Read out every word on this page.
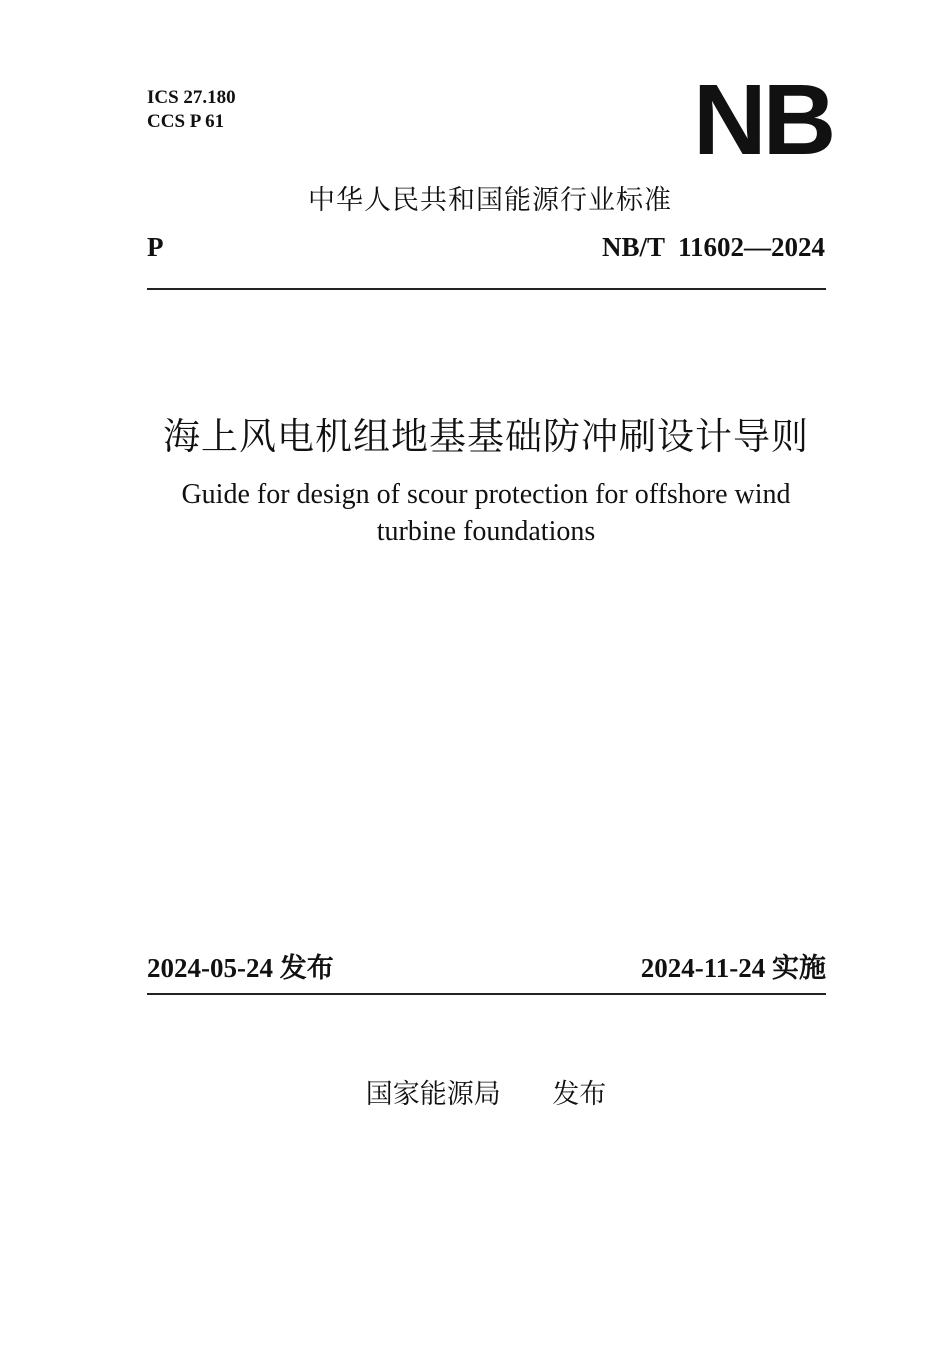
ICS 27.180
CCS P 61	NB
中华人民共和国能源行业标准
P	NB/T  11602—2024
海上风电机组地基基础防冲刷设计导则
Guide for design of scour protection for offshore wind turbine foundations
2024-05-24 发布	2024-11-24 实施
国家能源局 发布
